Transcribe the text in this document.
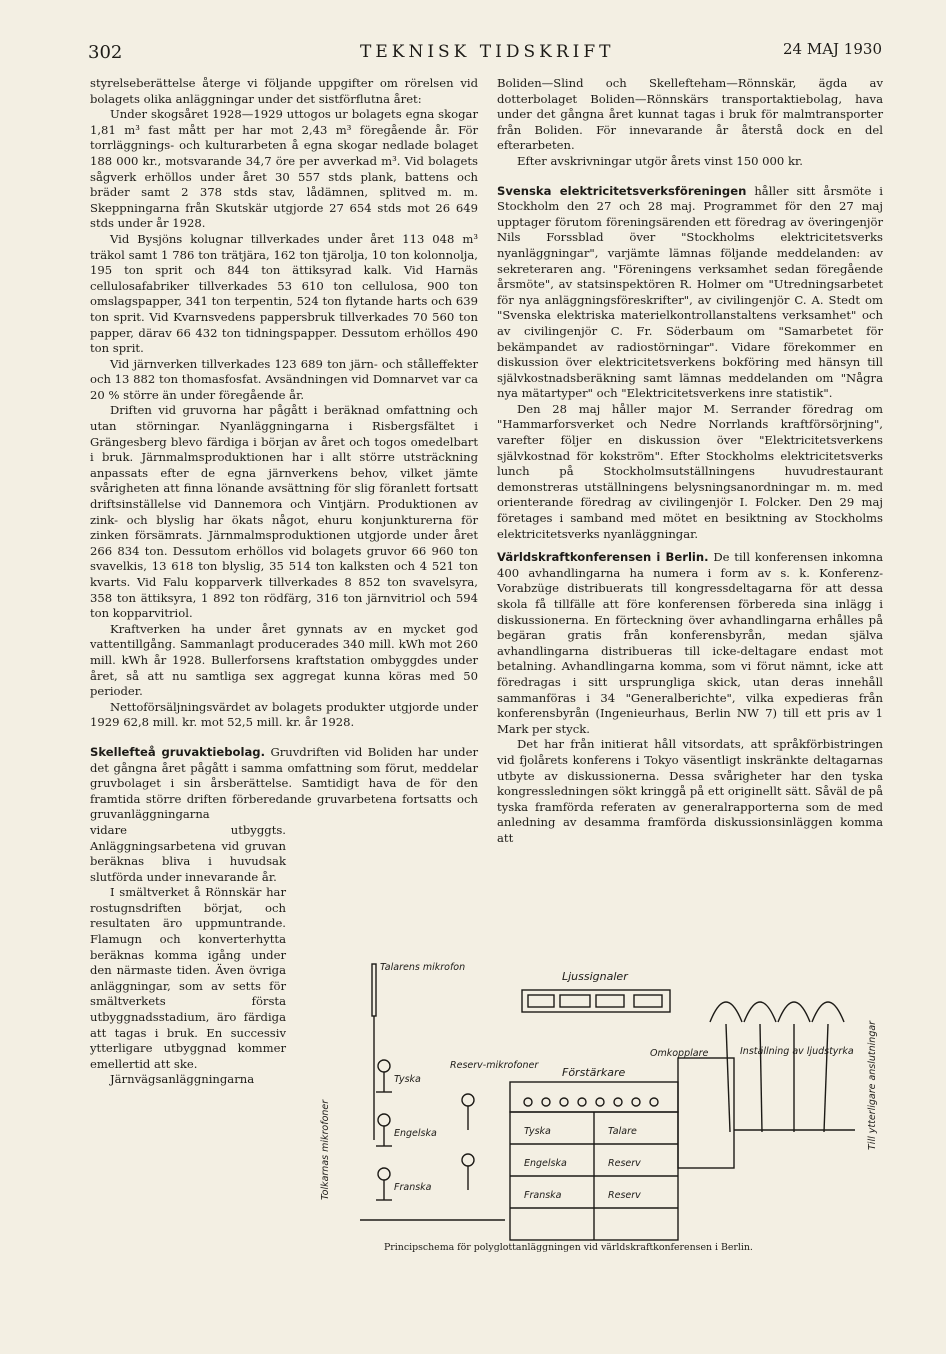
302	TEKNISK TIDSKRIFT	24 MAJ 1930

styrelseberättelse återge vi följande uppgifter om rörelsen vid bolagets olika anläggningar under det sistförflutna året:

Under skogsåret 1928—1929 uttogos ur bolagets egna skogar 1,81 m³ fast mått per har mot 2,43 m³ föregående år. För torrläggnings- och kulturarbeten å egna skogar nedlade bolaget 188 000 kr., motsvarande 34,7 öre per avverkad m³. Vid bolagets sågverk erhöllos under året 30 557 stds plank, battens och bräder samt 2 378 stds stav, lådämnen, splitved m. m. Skeppningarna från Skutskär utgjorde 27 654 stds mot 26 649 stds under år 1928.

Vid Bysjöns kolugnar tillverkades under året 113 048 m³ träkol samt 1 786 ton trätjära, 162 ton tjärolja, 10 ton kolonnolja, 195 ton sprit och 844 ton ättiksyrad kalk. Vid Harnäs cellulosafabriker tillverkades 53 610 ton cellulosa, 900 ton omslagspapper, 341 ton terpentin, 524 ton flytande harts och 639 ton sprit. Vid Kvarnsvedens pappersbruk tillverkades 70 560 ton papper, därav 66 432 ton tidningspapper. Dessutom erhöllos 490 ton sprit.

Vid järnverken tillverkades 123 689 ton järn- och stålleffekter och 13 882 ton thomasfosfat. Avsändningen vid Domnarvet var ca 20 % större än under föregående år.

Driften vid gruvorna har pågått i beräknad omfattning och utan störningar. Nyanläggningarna i Risbergsfältet i Grängesberg blevo färdiga i början av året och togos omedelbart i bruk. Järnmalmsproduktionen har i allt större utsträckning anpassats efter de egna järnverkens behov, vilket jämte svårigheten att finna lönande avsättning för slig föranlett fortsatt driftsinställelse vid Dannemora och Vintjärn. Produktionen av zink- och blyslig har ökats något, ehuru konjunkturerna för zinken försämrats. Järnmalmsproduktionen utgjorde under året 266 834 ton. Dessutom erhöllos vid bolagets gruvor 66 960 ton svavelkis, 13 618 ton blyslig, 35 514 ton kalksten och 4 521 ton kvarts. Vid Falu kopparverk tillverkades 8 852 ton svavelsyra, 358 ton ättiksyra, 1 892 ton rödfärg, 316 ton järnvitriol och 594 ton kopparvitriol.

Kraftverken ha under året gynnats av en mycket god vattentillgång. Sammanlagt producerades 340 mill. kWh mot 260 mill. kWh år 1928. Bullerforsens kraftstation ombyggdes under året, så att nu samtliga sex aggregat kunna köras med 50 perioder.

Nettoförsäljningsvärdet av bolagets produkter utgjorde under 1929 62,8 mill. kr. mot 52,5 mill. kr. år 1928.

Skellefteå gruvaktiebolag. Gruvdriften vid Boliden har under det gångna året pågått i samma omfattning som förut, meddelar gruvbolaget i sin årsberättelse. Samtidigt hava de för den framtida större driften förberedande gruvarbetena fortsatts och gruvanläggningarna

vidare utbyggts. Anläggningsarbetena vid gruvan beräknas bliva i huvudsak slutförda under innevarande år.

I smältverket å Rönnskär har rostugnsdriften börjat, och resultaten äro uppmuntrande. Flamugn och konverterhytta beräknas komma igång under den närmaste tiden. Även övriga anläggningar, som av setts för smältverkets första utbyggnadsstadium, äro färdiga att tagas i bruk. En successiv ytterligare utbyggnad kommer emellertid att ske.

Järnvägsanläggningarna

Boliden—Slind och Skellefteham—Rönnskär, ägda av dotterbolaget Boliden—Rönnskärs transportaktiebolag, hava under det gångna året kunnat tagas i bruk för malmtransporter från Boliden. För innevarande år återstå dock en del efterarbeten.

Efter avskrivningar utgör årets vinst 150 000 kr.

Svenska elektricitetsverksföreningen håller sitt årsmöte i Stockholm den 27 och 28 maj. Programmet för den 27 maj upptager förutom föreningsärenden ett föredrag av överingenjör Nils Forssblad över "Stockholms elektricitetsverks nyanläggningar", varjämte lämnas följande meddelanden: av sekreteraren ang. "Föreningens verksamhet sedan föregående årsmöte", av statsinspektören R. Holmer om "Utredningsarbetet för nya anläggningsföreskrifter", av civilingenjör C. A. Stedt om "Svenska elektriska materielkontrollanstaltens verksamhet" och av civilingenjör C. Fr. Söderbaum om "Samarbetet för bekämpandet av radiostörningar". Vidare förekommer en diskussion över elektricitetsverkens bokföring med hänsyn till självkostnadsberäkning samt lämnas meddelanden om "Några nya mätartyper" och "Elektricitetsverkens inre statistik".

Den 28 maj håller major M. Serrander föredrag om "Hammarforsverket och Nedre Norrlands kraftförsörjning", varefter följer en diskussion över "Elektricitetsverkens självkostnad för kokström". Efter Stockholms elektricitetsverks lunch på Stockholmsutställningens huvudrestaurant demonstreras utställningens belysningsanordningar m. m. med orienterande föredrag av civilingenjör I. Folcker. Den 29 maj företages i samband med mötet en besiktning av Stockholms elektricitetsverks nyanläggningar.

Världskraftkonferensen i Berlin. De till konferensen inkomna 400 avhandlingarna ha numera i form av s. k. Konferenz-Vorabzüge distribuerats till kongressdeltagarna för att dessa skola få tillfälle att före konferensen förbereda sina inlägg i diskussionerna. En förteckning över avhandlingarna erhålles på begäran gratis från konferensbyrån, medan själva avhandlingarna distribueras till icke-deltagare endast mot betalning. Avhandlingarna komma, som vi förut nämnt, icke att föredragas i sitt ursprungliga skick, utan deras innehåll sammanföras i 34 "Generalberichte", vilka expedieras från konferensbyrån (Ingenieurhaus, Berlin NW 7) till ett pris av 1 Mark per styck.

Det har från initierat håll vitsordats, att språkförbistringen vid fjolårets konferens i Tokyo väsentligt inskränkte deltagarnas utbyte av diskussionerna. Dessa svårigheter har den tyska kongressledningen sökt kringgå på ett originellt sätt. Såväl de på tyska framförda referaten av generalrapporterna som de med anledning av desamma framförda diskussionsinläggen komma att

Talarens mikrofon
Tolkarnas mikrofoner
Tyska
Engelska
Franska
Reserv-mikrofoner
Ljussignaler
Förstärkare
Omkopplare	Inställning av ljudstyrka Till ytterligare anslutningar
Tyska	Talare
Engelska	Reserv
Franska	Reserv
Principschema för polyglottanläggningen vid världskraftkonferensen i Berlin.
